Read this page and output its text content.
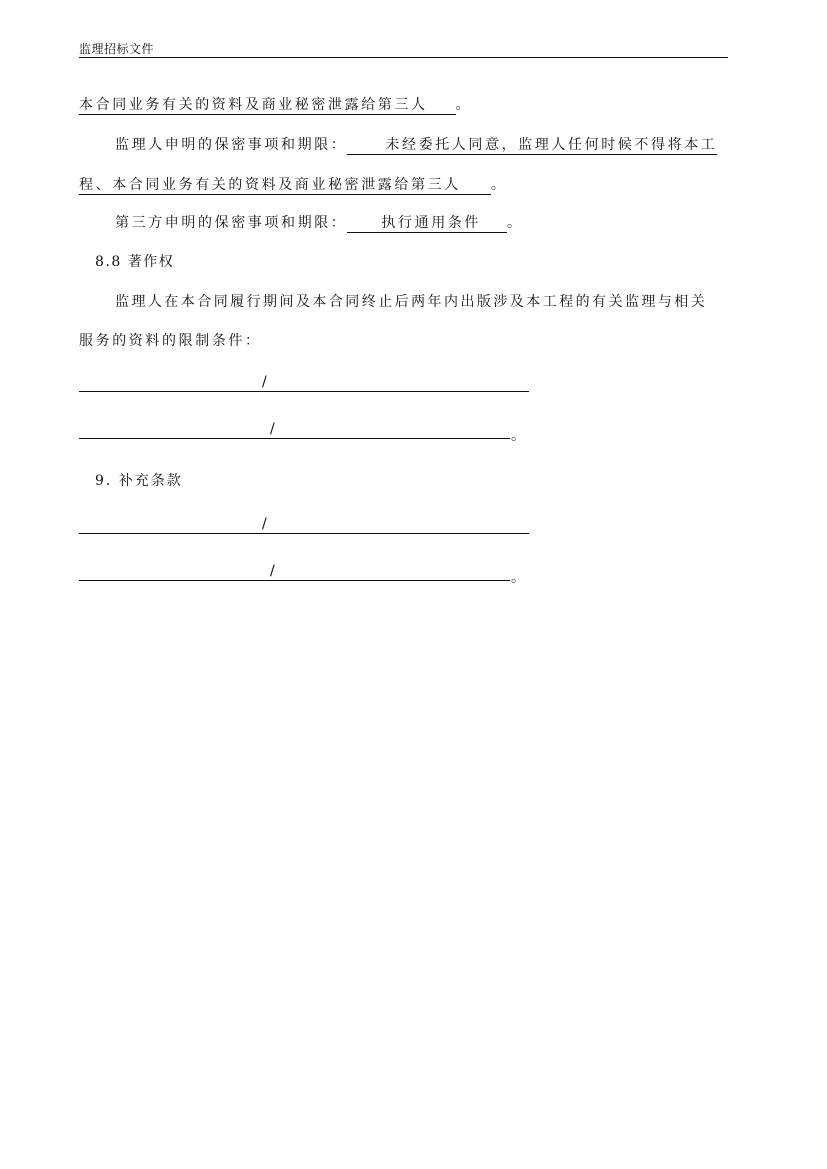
监理招标文件
本合同业务有关的资料及商业秘密泄露给第三人 。
监理人申明的保密事项和期限：	未经委托人同意，监理人任何时候不得将本工
程、本合同业务有关的资料及商业秘密泄露给第三人 。
第三方申明的保密事项和期限： 执行通用条件 。
8.8 著作权
监理人在本合同履行期间及本合同终止后两年内出版涉及本工程的有关监理与相关
服务的资料的限制条件：
/
/	。
9. 补充条款
/
/	。
